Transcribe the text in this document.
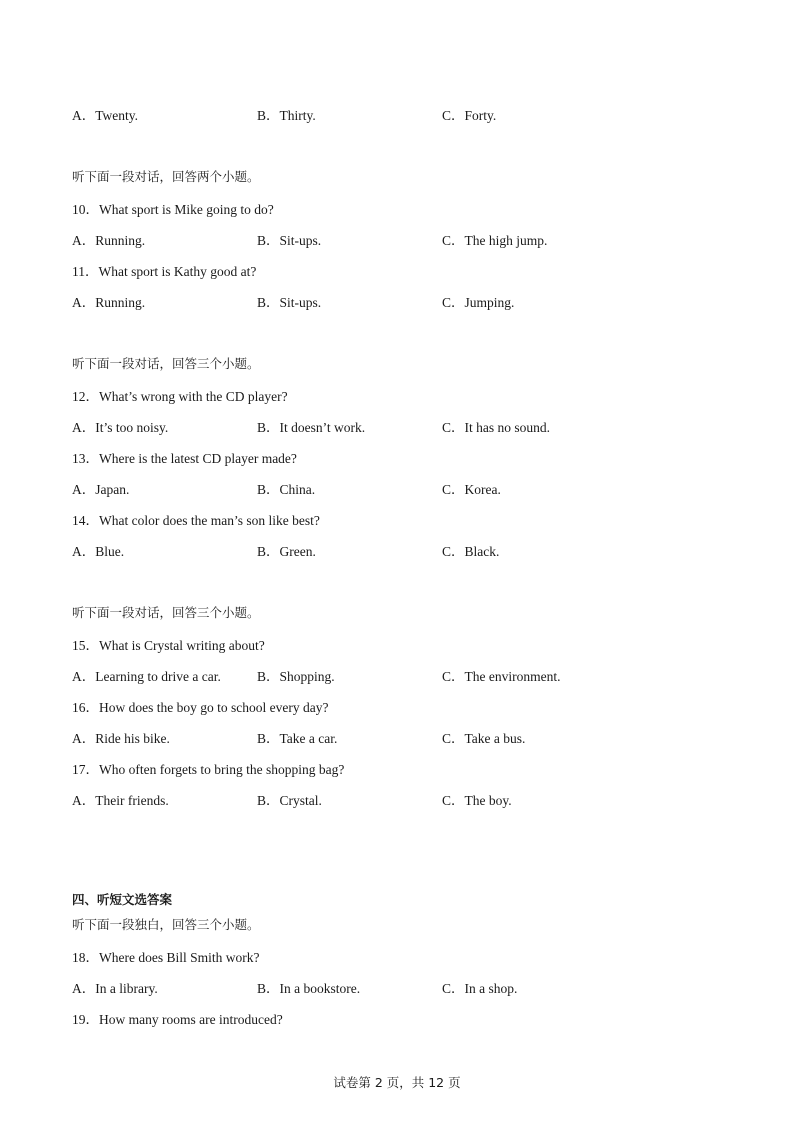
A．Twenty.	B．Thirty.	C．Forty.
听下面一段对话，回答两个小题。
10．What sport is Mike going to do?
A．Running.	B．Sit-ups.	C．The high jump.
11．What sport is Kathy good at?
A．Running.	B．Sit-ups.	C．Jumping.
听下面一段对话，回答三个小题。
12．What’s wrong with the CD player?
A．It’s too noisy.	B．It doesn’t work.	C．It has no sound.
13．Where is the latest CD player made?
A．Japan.	B．China.	C．Korea.
14．What color does the man’s son like best?
A．Blue.	B．Green.	C．Black.
听下面一段对话，回答三个小题。
15．What is Crystal writing about?
A．Learning to drive a car.	B．Shopping.	C．The environment.
16．How does the boy go to school every day?
A．Ride his bike.	B．Take a car.	C．Take a bus.
17．Who often forgets to bring the shopping bag?
A．Their friends.	B．Crystal.	C．The boy.
四、听短文选答案
听下面一段独白，回答三个小题。
18．Where does Bill Smith work?
A．In a library.	B．In a bookstore.	C．In a shop.
19．How many rooms are introduced?
试卷第 2 页，共 12 页
